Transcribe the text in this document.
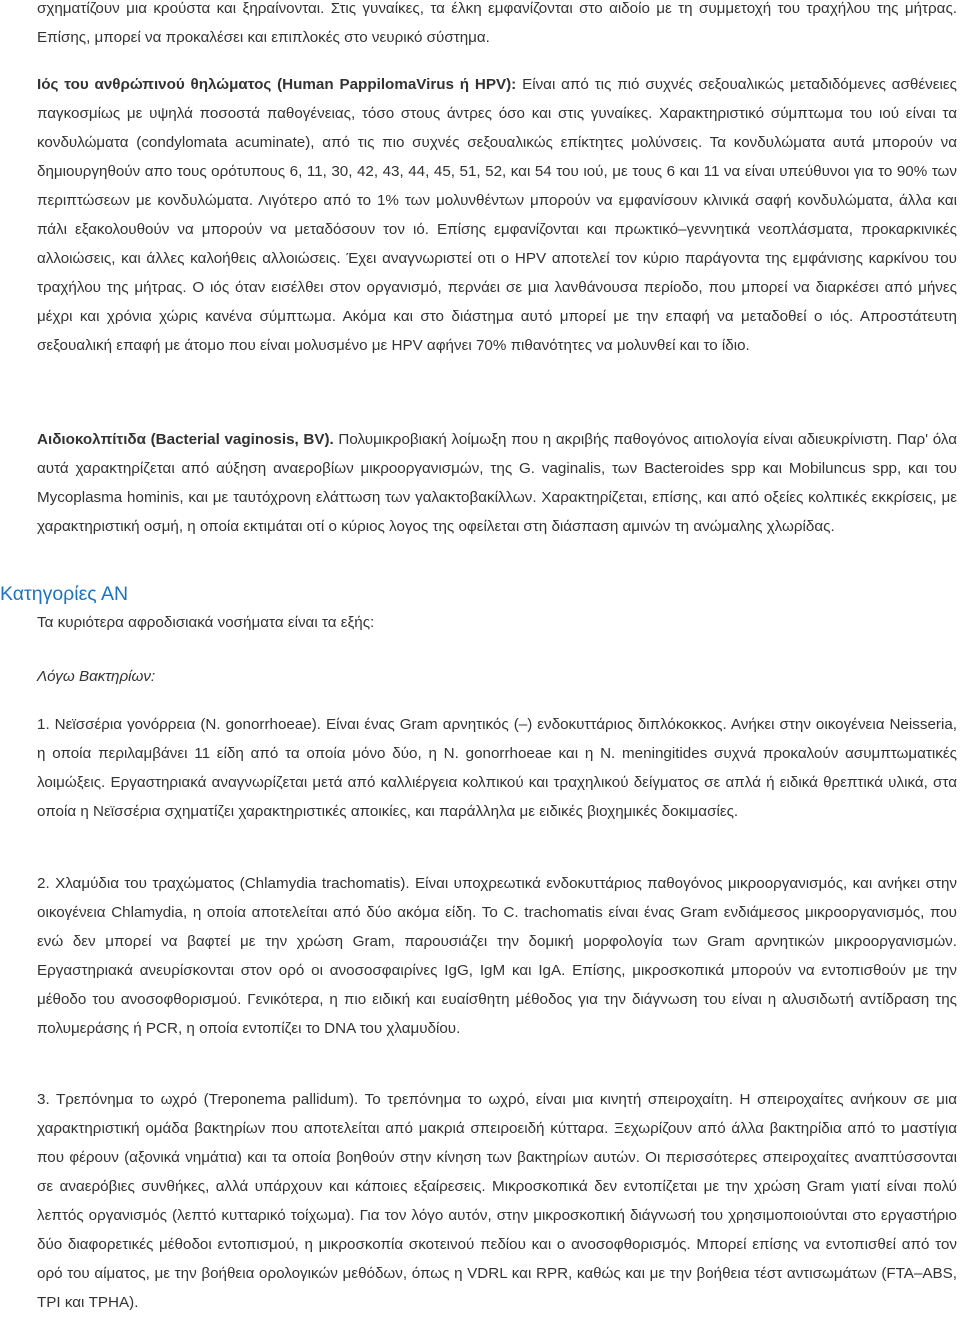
σχηματίζουν μια κρούστα και ξηραίνονται. Στις γυναίκες, τα έλκη εμφανίζονται στο αιδοίο με τη συμμετοχή του τραχήλου της μήτρας. Επίσης, μπορεί να προκαλέσει και επιπλοκές στο νευρικό σύστημα.

Ιός του ανθρώπινού θηλώματος (Human PappilomaVirus ή HPV): Είναι από τις πιό συχνές σεξουαλικώς μεταδιδόμενες ασθένειες παγκοσμίως με υψηλά ποσοστά παθογένειας, τόσο στους άντρες όσο και στις γυναίκες. Χαρακτηριστικό σύμπτωμα του ιού είναι τα κονδυλώματα (condylomata acuminate), από τις πιο συχνές σεξουαλικώς επίκτητες μολύνσεις. Τα κονδυλώματα αυτά μπορούν να δημιουργηθούν απο τους ορότυπους 6, 11, 30, 42, 43, 44, 45, 51, 52, και 54 του ιού, με τους 6 και 11 να είναι υπεύθυνοι για το 90% των περιπτώσεων με κονδυλώματα. Λιγότερο από το 1% των μολυνθέντων μπορούν να εμφανίσουν κλινικά σαφή κονδυλώματα, άλλα και πάλι εξακολουθούν να μπορούν να μεταδόσουν τον ιό. Επίσης εμφανίζονται και πρωκτικό–γεννητικά νεοπλάσματα, προκαρκινικές αλλοιώσεις, και άλλες καλοήθεις αλλοιώσεις. Έχει αναγνωριστεί οτι ο HPV αποτελεί τον κύριο παράγοντα της εμφάνισης καρκίνου του τραχήλου της μήτρας. Ο ιός όταν εισέλθει στον οργανισμό, περνάει σε μια λανθάνουσα περίοδο, που μπορεί να διαρκέσει από μήνες μέχρι και χρόνια χώρις κανένα σύμπτωμα. Ακόμα και στο διάστημα αυτό μπορεί με την επαφή να μεταδοθεί ο ιός. Απροστάτευτη σεξουαλική επαφή με άτομο που είναι μολυσμένο με HPV αφήνει 70% πιθανότητες να μολυνθεί και το ίδιο.

Αιδιοκολπίτιδα (Bacterial vaginosis, BV). Πολυμικροβιακή λοίμωξη που η ακριβής παθογόνος αιτιολογία είναι αδιευκρίνιστη. Παρ' όλα αυτά χαρακτηρίζεται από αύξηση αναεροβίων μικροοργανισμών, της G. vaginalis, των Bacteroides spp και Mobiluncus spp, και του Mycoplasma hominis, και με ταυτόχρονη ελάττωση των γαλακτοβακίλλων. Χαρακτηρίζεται, επίσης, και από οξείες κολπικές εκκρίσεις, με χαρακτηριστική οσμή, η οποία εκτιμάται οτί ο κύριος λογος της οφείλεται στη διάσπαση αμινών τη ανώμαλης χλωρίδας.

Κατηγορίες ΑΝ

Τα κυριότερα αφροδισιακά νοσήματα είναι τα εξής:

Λόγω Βακτηρίων:

1. Νεϊσσέρια γονόρρεια (N. gonorrhoeae). Είναι ένας Gram αρνητικός (–) ενδοκυττάριος διπλόκοκκος. Ανήκει στην οικογένεια Neisseria, η οποία περιλαμβάνει 11 είδη από τα οποία μόνο δύο, η N. gonorrhoeae και η N. meningitides συχνά προκαλούν ασυμπτωματικές λοιμώξεις. Εργαστηριακά αναγνωρίζεται μετά από καλλιέργεια κολπικού και τραχηλικού δείγματος σε απλά ή ειδικά θρεπτικά υλικά, στα οποία η Νεϊσσέρια σχηματίζει χαρακτηριστικές αποικίες, και παράλληλα με ειδικές βιοχημικές δοκιμασίες.

2. Χλαμύδια του τραχώματος (Chlamydia trachomatis). Είναι υποχρεωτικά ενδοκυττάριος παθογόνος μικροοργανισμός, και ανήκει στην οικογένεια Chlamydia, η οποία αποτελείται από δύο ακόμα είδη. Το C. trachomatis είναι ένας Gram ενδιάμεσος μικροοργανισμός, που ενώ δεν μπορεί να βαφτεί με την χρώση Gram, παρουσιάζει την δομική μορφολογία των Gram αρνητικών μικροοργανισμών. Εργαστηριακά ανευρίσκονται στον ορό οι ανοσοσφαιρίνες IgG, IgM και IgA. Επίσης, μικροσκοπικά μπορούν να εντοπισθούν με την μέθοδο του ανοσοφθορισμού. Γενικότερα, η πιο ειδική και ευαίσθητη μέθοδος για την διάγνωση του είναι η αλυσιδωτή αντίδραση της πολυμεράσης ή PCR, η οποία εντοπίζει το DNA του χλαμυδίου.

3. Τρεπόνημα το ωχρό (Treponema pallidum). Το τρεπόνημα το ωχρό, είναι μια κινητή σπειροχαίτη. Η σπειροχαίτες ανήκουν σε μια χαρακτηριστική ομάδα βακτηρίων που αποτελείται από μακριά σπειροειδή κύτταρα. Ξεχωρίζουν από άλλα βακτηρίδια από το μαστίγια που φέρουν (αξονικά νημάτια) και τα οποία βοηθούν στην κίνηση των βακτηρίων αυτών. Οι περισσότερες σπειροχαίτες αναπτύσσονται σε αναερόβιες συνθήκες, αλλά υπάρχουν και κάποιες εξαίρεσεις. Μικροσκοπικά δεν εντοπίζεται με την χρώση Gram γιατί είναι πολύ λεπτός οργανισμός (λεπτό κυτταρικό τοίχωμα). Για τον λόγο αυτόν, στην μικροσκοπική διάγνωσή του χρησιμοποιούνται στο εργαστήριο δύο διαφορετικές μέθοδοι εντοπισμού, η μικροσκοπία σκοτεινού πεδίου και ο ανοσοφθορισμός. Μπορεί επίσης να εντοπισθεί από τον ορό του αίματος, με την βοήθεια ορολογικών μεθόδων, όπως η VDRL και RPR, καθώς και με την βοήθεια τέστ αντισωμάτων (FTA–ABS, TPI και TPHA).
